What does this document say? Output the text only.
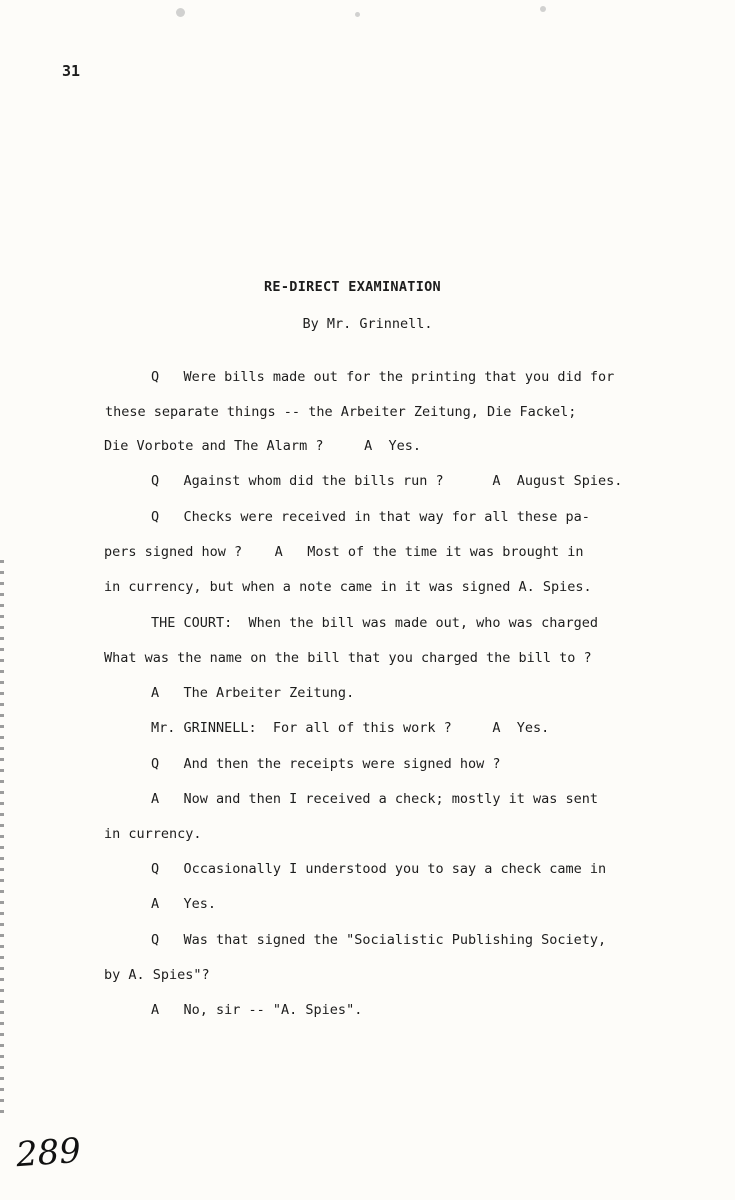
31

RE-DIRECT EXAMINATION

By Mr. Grinnell.

Q   Were bills made out for the printing that you did for

these separate things -- the Arbeiter Zeitung, Die Fackel;

Die Vorbote and The Alarm ?     A  Yes.

Q   Against whom did the bills run ?      A  August Spies.

Q   Checks were received in that way for all these pa-

pers signed how ?    A   Most of the time it was brought in

in currency, but when a note came in it was signed A. Spies.

THE COURT:  When the bill was made out, who was charged

What was the name on the bill that you charged the bill to ?

A   The Arbeiter Zeitung.

Mr. GRINNELL:  For all of this work ?     A  Yes.

Q   And then the receipts were signed how ?

A   Now and then I received a check; mostly it was sent

in currency.

Q   Occasionally I understood you to say a check came in

A   Yes.

Q   Was that signed the "Socialistic Publishing Society,

by A. Spies"?

A   No, sir -- "A. Spies".

289
